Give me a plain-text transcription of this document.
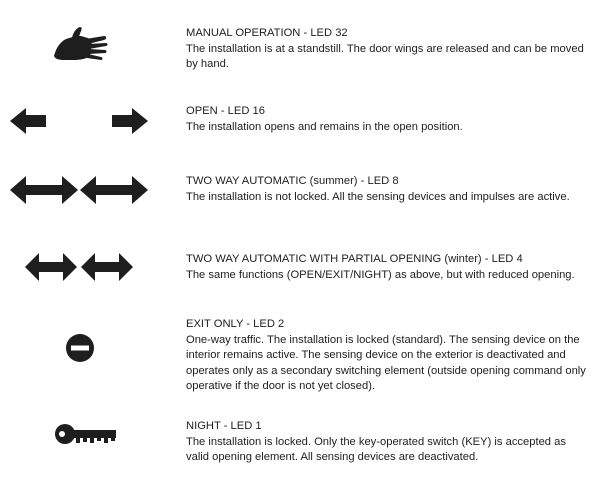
MANUAL OPERATION - LED 32
The installation is at a standstill. The door wings are released and can be moved by hand.
OPEN - LED 16
The installation opens and remains in the open position.
TWO WAY AUTOMATIC (summer) - LED 8
The installation is not locked. All the sensing devices and impulses are active.
TWO WAY AUTOMATIC WITH PARTIAL OPENING (winter) - LED 4
The same functions (OPEN/EXIT/NIGHT) as above, but with reduced opening.
EXIT ONLY - LED 2
One-way traffic. The installation is locked (standard). The sensing device on the interior remains active. The sensing device on the exterior is deactivated and operates only as a secondary switching element (outside opening command only operative if the door is not yet closed).
NIGHT - LED 1
The installation is locked. Only the key-operated switch (KEY) is accepted as valid opening element. All sensing devices are deactivated.
